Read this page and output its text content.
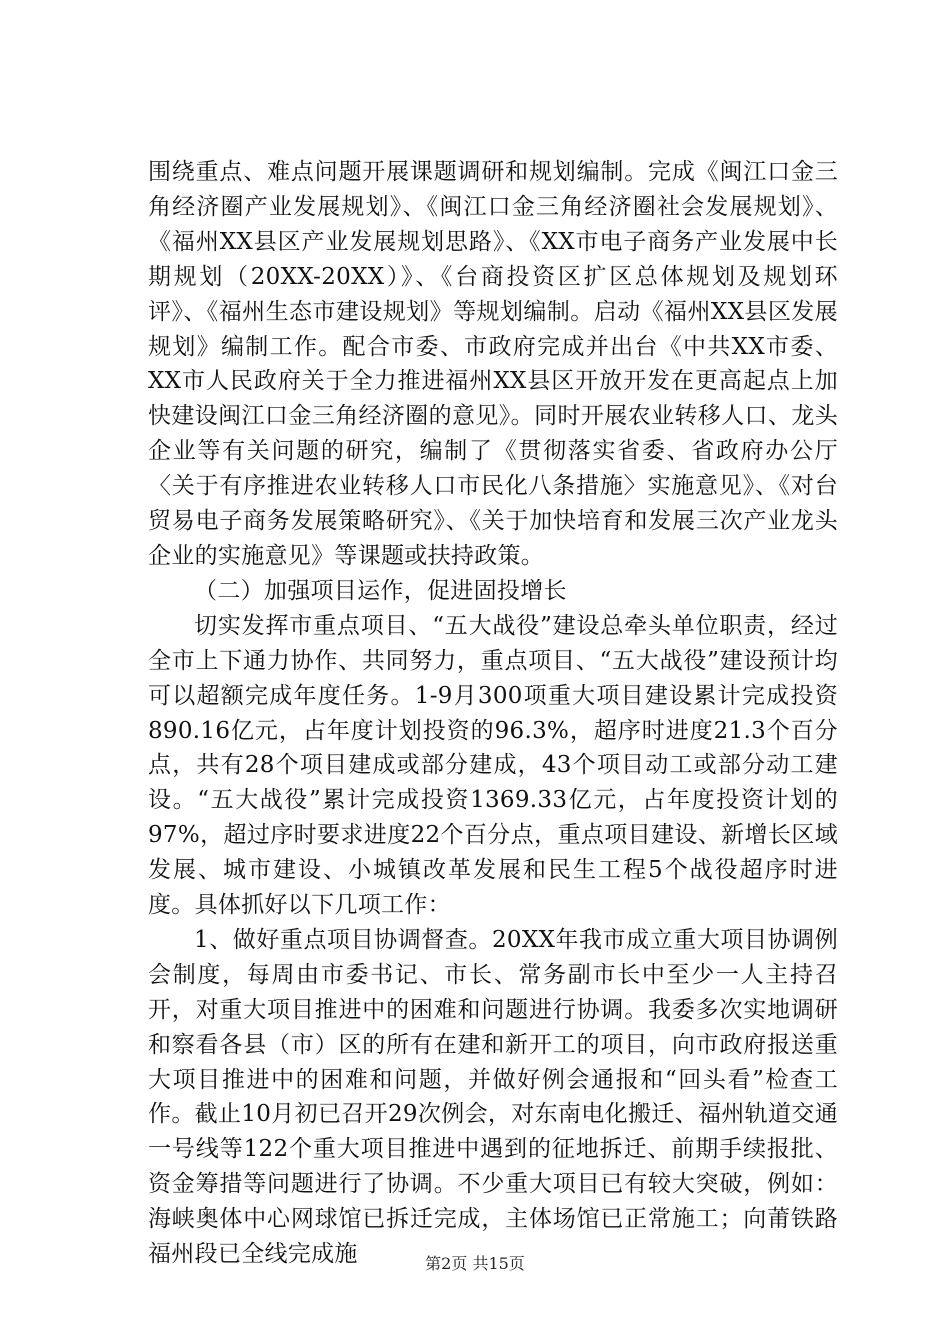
围绕重点、难点问题开展课题调研和规划编制。完成《闽江口金三角经济圈产业发展规划》、《闽江口金三角经济圈社会发展规划》、《福州XX县区产业发展规划思路》、《XX市电子商务产业发展中长期规划（20XX-20XX）》、《台商投资区扩区总体规划及规划环评》、《福州生态市建设规划》等规划编制。启动《福州XX县区发展规划》编制工作。配合市委、市政府完成并出台《中共XX市委、XX市人民政府关于全力推进福州XX县区开放开发在更高起点上加快建设闽江口金三角经济圈的意见》。同时开展农业转移人口、龙头企业等有关问题的研究，编制了《贯彻落实省委、省政府办公厅〈关于有序推进农业转移人口市民化八条措施〉实施意见》、《对台贸易电子商务发展策略研究》、《关于加快培育和发展三次产业龙头企业的实施意见》等课题或扶持政策。

（二）加强项目运作，促进固投增长

切实发挥市重点项目、“五大战役”建设总牵头单位职责，经过全市上下通力协作、共同努力，重点项目、“五大战役”建设预计均可以超额完成年度任务。1-9月300项重大项目建设累计完成投资890.16亿元，占年度计划投资的96.3%，超序时进度21.3个百分点，共有28个项目建成或部分建成，43个项目动工或部分动工建设。“五大战役”累计完成投资1369.33亿元，占年度投资计划的97%，超过序时要求进度22个百分点，重点项目建设、新增长区域发展、城市建设、小城镇改革发展和民生工程5个战役超序时进度。具体抓好以下几项工作：

1、做好重点项目协调督查。20XX年我市成立重大项目协调例会制度，每周由市委书记、市长、常务副市长中至少一人主持召开，对重大项目推进中的困难和问题进行协调。我委多次实地调研和察看各县（市）区的所有在建和新开工的项目，向市政府报送重大项目推进中的困难和问题，并做好例会通报和“回头看”检查工作。截止10月初已召开29次例会，对东南电化搬迁、福州轨道交通一号线等122个重大项目推进中遇到的征地拆迁、前期手续报批、资金筹措等问题进行了协调。不少重大项目已有较大突破，例如：海峡奥体中心网球馆已拆迁完成，主体场馆已正常施工；向莆铁路福州段已全线完成施	第2页 共15页
